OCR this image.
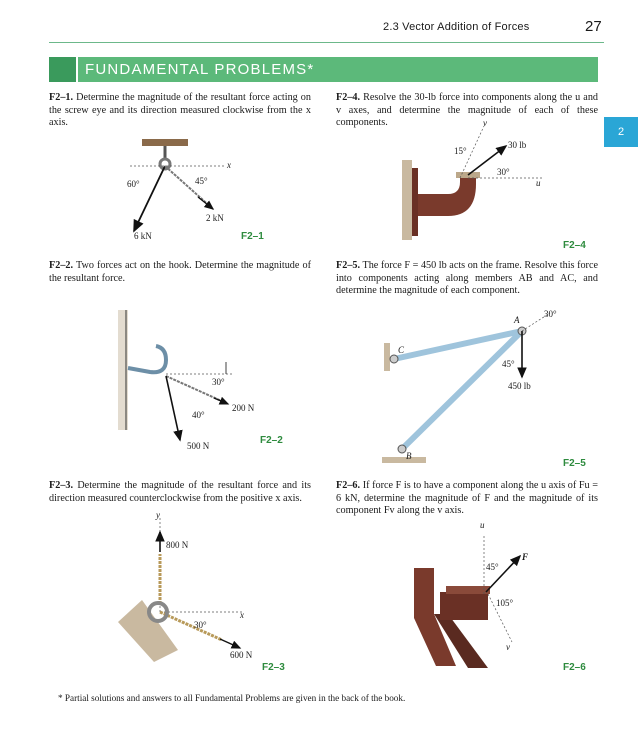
2.3 Vector Addition of Forces	27
FUNDAMENTAL PROBLEMS*
2
F2–1. Determine the magnitude of the resultant force acting on the screw eye and its direction measured clockwise from the x axis.
x
60°	45°
6 kN
2 kN
F2–1
F2–4. Resolve the 30-lb force into components along the u and v axes, and determine the magnitude of each of these components.	v
u
15°
30°
30 lb
F2–4
F2–2. Two forces act on the hook. Determine the magnitude of the resultant force.
30°
40°
200 N
500 N	F2–2
F2–5. The force F = 450 lb acts on the frame. Resolve this force into components acting along members AB and AC, and determine the magnitude of each component.
A
B
C
30°
45°
450 lb
F2–5
F2–3. Determine the magnitude of the resultant force and its direction measured counterclockwise from the positive x axis.
y
x
30°
800 N
600 N
F2–3
F2–6. If force F is to have a component along the u axis of Fu = 6 kN, determine the magnitude of F and the magnitude of its component Fv along the v axis.
u
F
45°
105°
v
F2–6
* Partial solutions and answers to all Fundamental Problems are given in the back of the book.
